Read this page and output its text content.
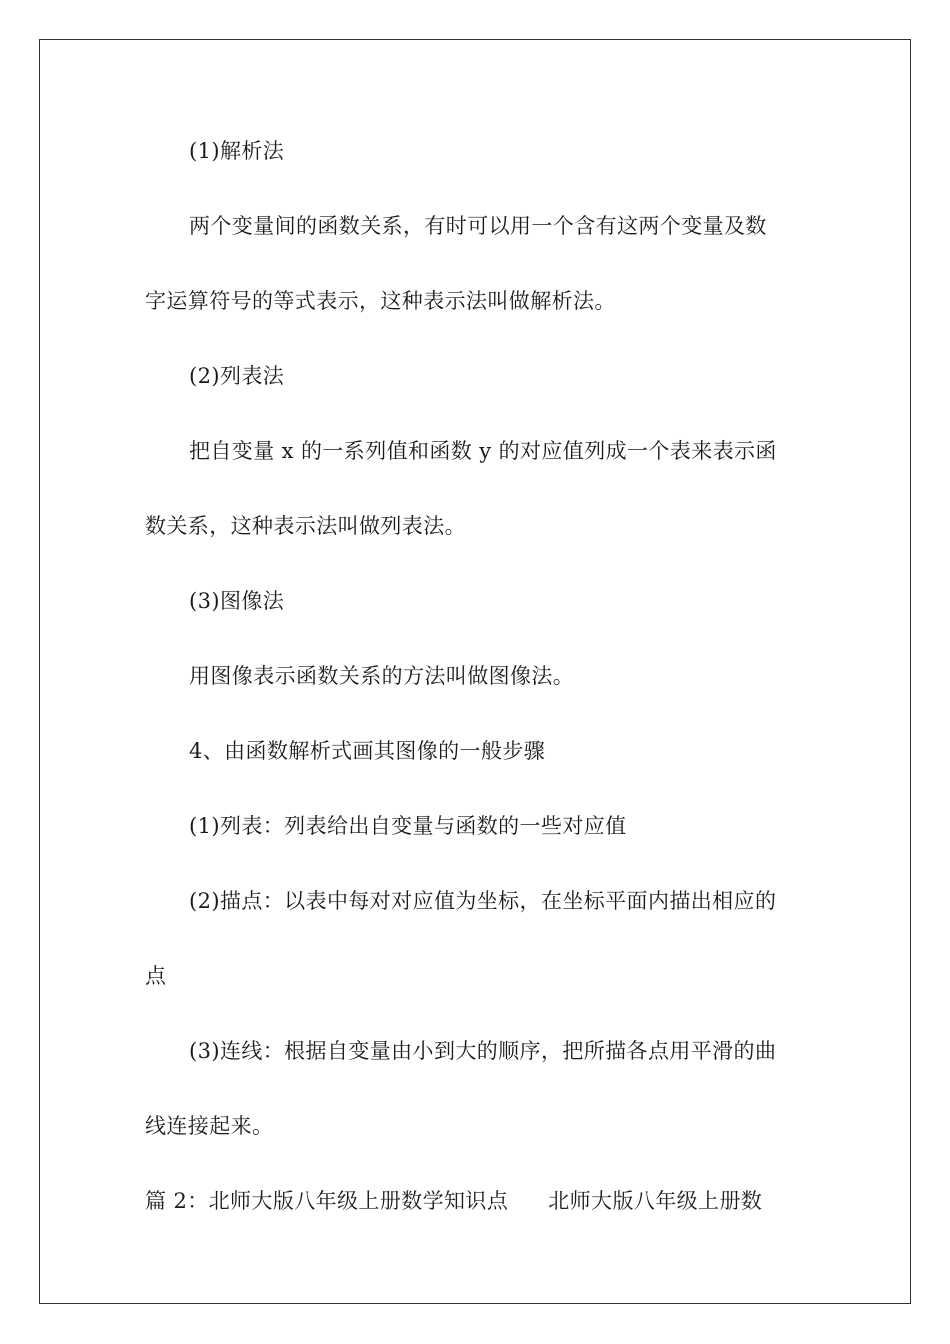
(1)解析法
两个变量间的函数关系，有时可以用一个含有这两个变量及数
字运算符号的等式表示，这种表示法叫做解析法。
(2)列表法
把自变量 x 的一系列值和函数 y 的对应值列成一个表来表示函
数关系，这种表示法叫做列表法。
(3)图像法
用图像表示函数关系的方法叫做图像法。
4、由函数解析式画其图像的一般步骤
(1)列表：列表给出自变量与函数的一些对应值
(2)描点：以表中每对对应值为坐标，在坐标平面内描出相应的
点
(3)连线：根据自变量由小到大的顺序，把所描各点用平滑的曲
线连接起来。
篇 2：北师大版八年级上册数学知识点 北师大版八年级上册数
